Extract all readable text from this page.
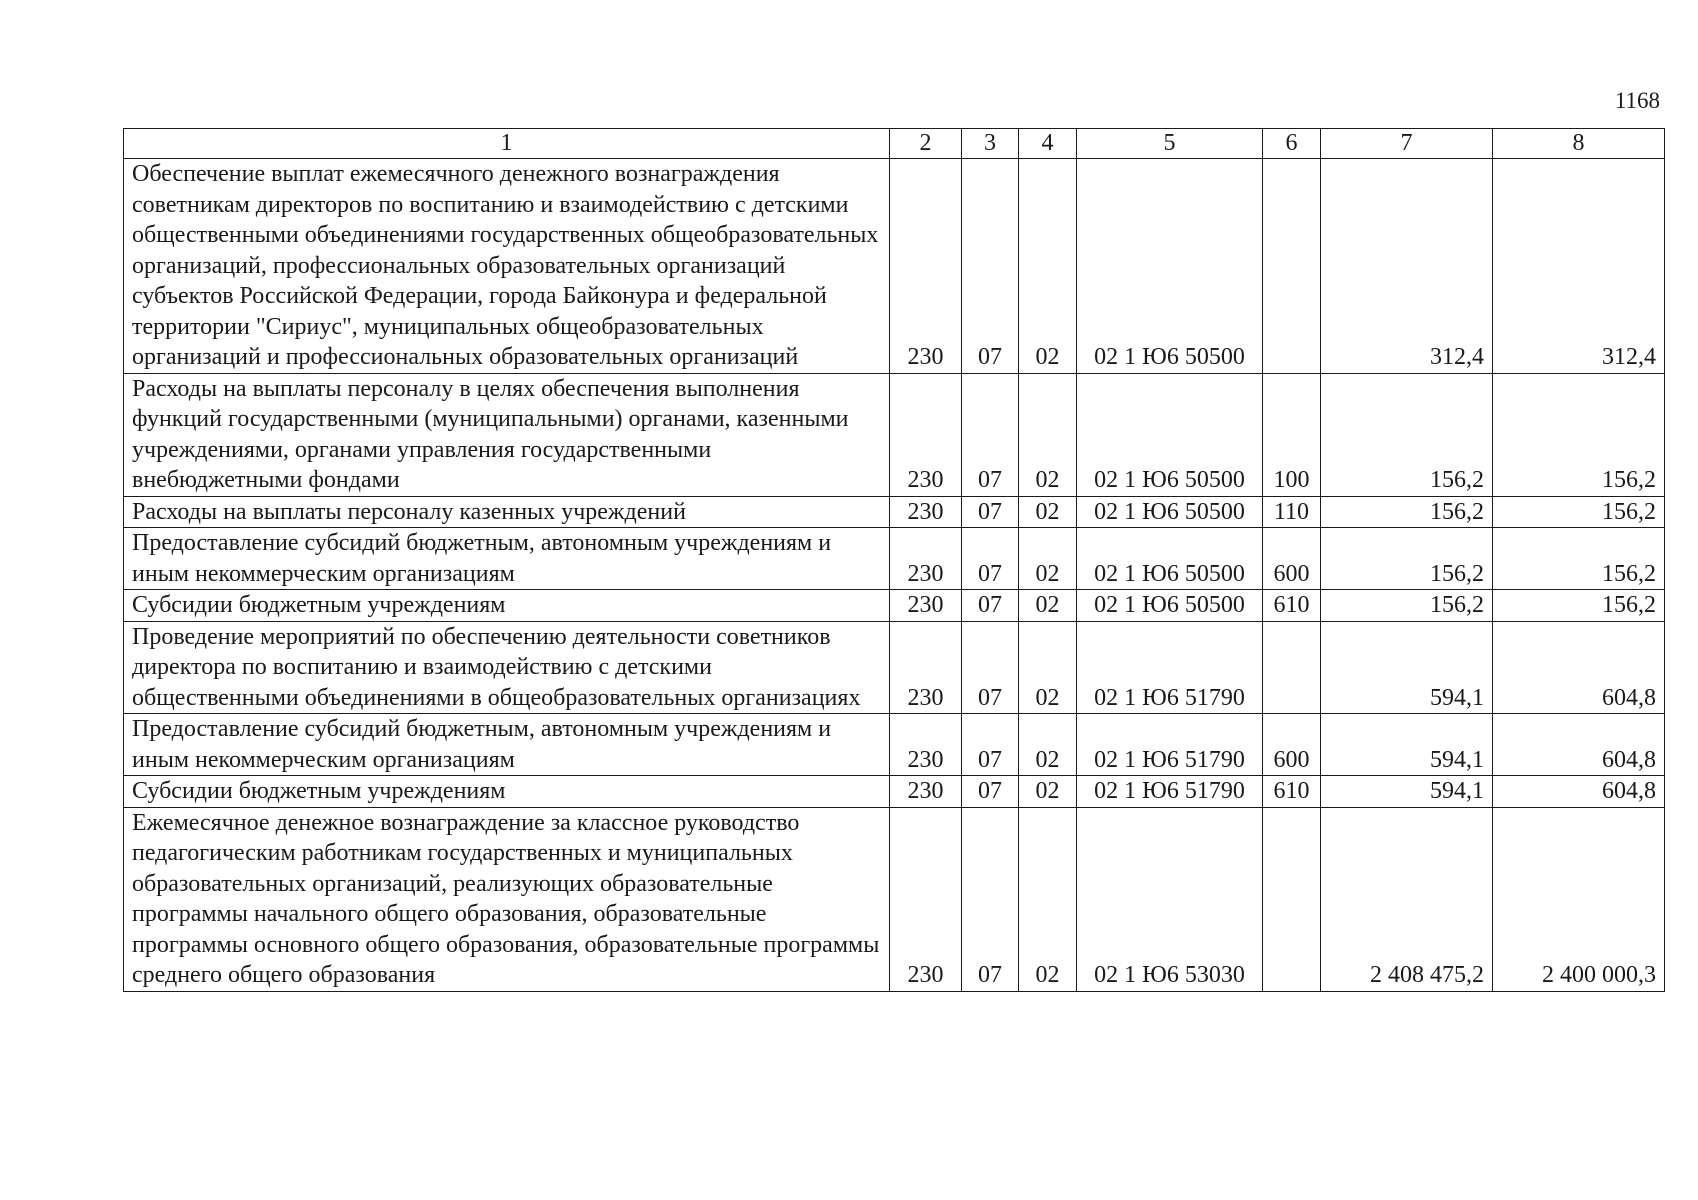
1168
1	2	3	4	5	6	7	8
Обеспечение выплат ежемесячного денежного вознаграждения советникам директоров по воспитанию и взаимодействию с детскими общественными объединениями государственных общеобразовательных организаций, профессиональных образовательных организаций субъектов Российской Федерации, города Байконура и федеральной территории "Сириус", муниципальных общеобразовательных организаций и профессиональных образовательных организаций	230	07	02	02 1 Ю6 50500		312,4	312,4
Расходы на выплаты персоналу в целях обеспечения выполнения функций государственными (муниципальными) органами, казенными учреждениями, органами управления государственными внебюджетными фондами	230	07	02	02 1 Ю6 50500	100	156,2	156,2
Расходы на выплаты персоналу казенных учреждений	230	07	02	02 1 Ю6 50500	110	156,2	156,2
Предоставление субсидий бюджетным, автономным учреждениям и иным некоммерческим организациям	230	07	02	02 1 Ю6 50500	600	156,2	156,2
Субсидии бюджетным учреждениям	230	07	02	02 1 Ю6 50500	610	156,2	156,2
Проведение мероприятий по обеспечению деятельности советников директора по воспитанию и взаимодействию с детскими общественными объединениями в общеобразовательных организациях	230	07	02	02 1 Ю6 51790		594,1	604,8
Предоставление субсидий бюджетным, автономным учреждениям и иным некоммерческим организациям	230	07	02	02 1 Ю6 51790	600	594,1	604,8
Субсидии бюджетным учреждениям	230	07	02	02 1 Ю6 51790	610	594,1	604,8
Ежемесячное денежное вознаграждение за классное руководство педагогическим работникам государственных и муниципальных образовательных организаций, реализующих образовательные программы начального общего образования, образовательные программы основного общего образования, образовательные программы среднего общего образования	230	07	02	02 1 Ю6 53030		2 408 475,2	2 400 000,3
